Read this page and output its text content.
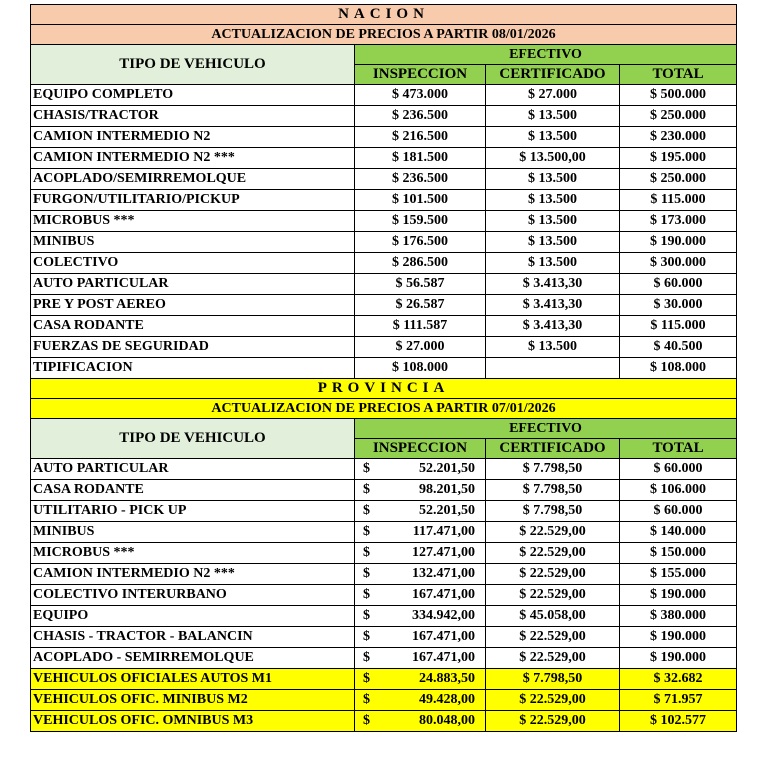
NACION			
ACTUALIZACION DE PRECIOS A PARTIR 08/01/2026			
TIPO DE VEHICULO	EFECTIVO		
	INSPECCION	CERTIFICADO	TOTAL
EQUIPO COMPLETO	$ 473.000	$ 27.000	$ 500.000
CHASIS/TRACTOR	$ 236.500	$ 13.500	$ 250.000
CAMION INTERMEDIO N2	$ 216.500	$ 13.500	$ 230.000
CAMION INTERMEDIO N2 ***	$ 181.500	$ 13.500,00	$ 195.000
ACOPLADO/SEMIRREMOLQUE	$ 236.500	$ 13.500	$ 250.000
FURGON/UTILITARIO/PICKUP	$ 101.500	$ 13.500	$ 115.000
MICROBUS ***	$ 159.500	$ 13.500	$ 173.000
MINIBUS	$ 176.500	$ 13.500	$ 190.000
COLECTIVO	$ 286.500	$ 13.500	$ 300.000
AUTO PARTICULAR	$ 56.587	$ 3.413,30	$ 60.000
PRE Y POST AEREO	$ 26.587	$ 3.413,30	$ 30.000
CASA RODANTE	$ 111.587	$ 3.413,30	$ 115.000
FUERZAS DE SEGURIDAD	$ 27.000	$ 13.500	$ 40.500
TIPIFICACION	$ 108.000		$ 108.000
PROVINCIA			
ACTUALIZACION DE PRECIOS A PARTIR 07/01/2026			
TIPO DE VEHICULO	EFECTIVO		
	INSPECCION	CERTIFICADO	TOTAL
AUTO PARTICULAR	$ 52.201,50	$ 7.798,50	$ 60.000
CASA RODANTE	$ 98.201,50	$ 7.798,50	$ 106.000
UTILITARIO - PICK UP	$ 52.201,50	$ 7.798,50	$ 60.000
MINIBUS	$ 117.471,00	$ 22.529,00	$ 140.000
MICROBUS ***	$ 127.471,00	$ 22.529,00	$ 150.000
CAMION INTERMEDIO N2 ***	$ 132.471,00	$ 22.529,00	$ 155.000
COLECTIVO INTERURBANO	$ 167.471,00	$ 22.529,00	$ 190.000
EQUIPO	$ 334.942,00	$ 45.058,00	$ 380.000
CHASIS - TRACTOR - BALANCIN	$ 167.471,00	$ 22.529,00	$ 190.000
ACOPLADO - SEMIRREMOLQUE	$ 167.471,00	$ 22.529,00	$ 190.000
VEHICULOS OFICIALES AUTOS M1	$ 24.883,50	$ 7.798,50	$ 32.682
VEHICULOS OFIC. MINIBUS M2	$ 49.428,00	$ 22.529,00	$ 71.957
VEHICULOS OFIC. OMNIBUS M3	$ 80.048,00	$ 22.529,00	$ 102.577
